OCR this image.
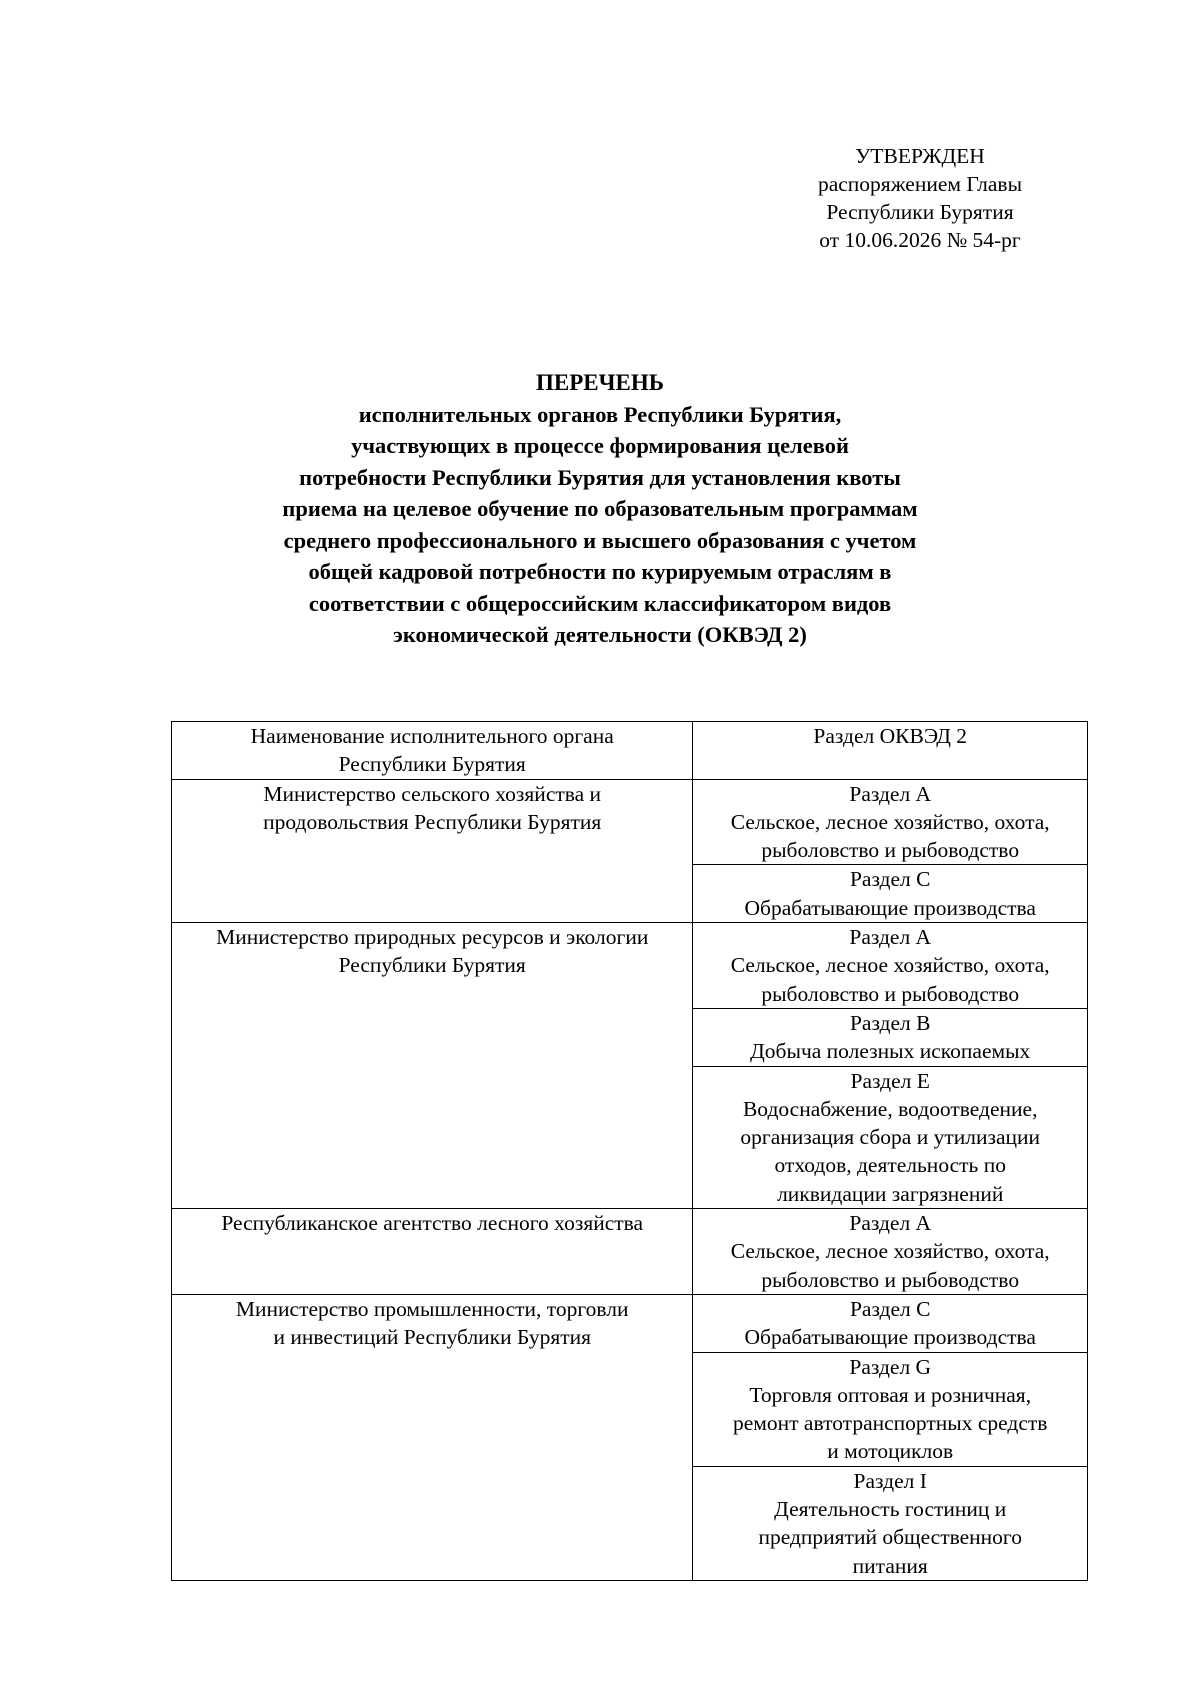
УТВЕРЖДЕН
распоряжением Главы
Республики Бурятия
от 10.06.2026 № 54-рг
ПЕРЕЧЕНЬ
исполнительных органов Республики Бурятия,
участвующих в процессе формирования целевой
потребности Республики Бурятия для установления квоты
приема на целевое обучение по образовательным программам
среднего профессионального и высшего образования с учетом
общей кадровой потребности по курируемым отраслям в
соответствии с общероссийским классификатором видов
экономической деятельности (ОКВЭД 2)
Наименование исполнительного органа
Республики Бурятия	Раздел ОКВЭД 2

Министерство сельского хозяйства и
продовольствия Республики Бурятия	Раздел A
Сельское, лесное хозяйство, охота,
рыболовство и рыбоводство

	Раздел C
Обрабатывающие производства

Министерство природных ресурсов и экологии
Республики Бурятия	Раздел A
Сельское, лесное хозяйство, охота,
рыболовство и рыбоводство

	Раздел B
Добыча полезных ископаемых

	Раздел E
Водоснабжение, водоотведение,
организация сбора и утилизации
отходов, деятельность по
ликвидации загрязнений

Республиканское агентство лесного хозяйства	Раздел A
Сельское, лесное хозяйство, охота,
рыболовство и рыбоводство

Министерство промышленности, торговли
и инвестиций Республики Бурятия	Раздел C
Обрабатывающие производства

	Раздел G
Торговля оптовая и розничная,
ремонт автотранспортных средств
и мотоциклов

	Раздел I
Деятельность гостиниц и
предприятий общественного
питания
